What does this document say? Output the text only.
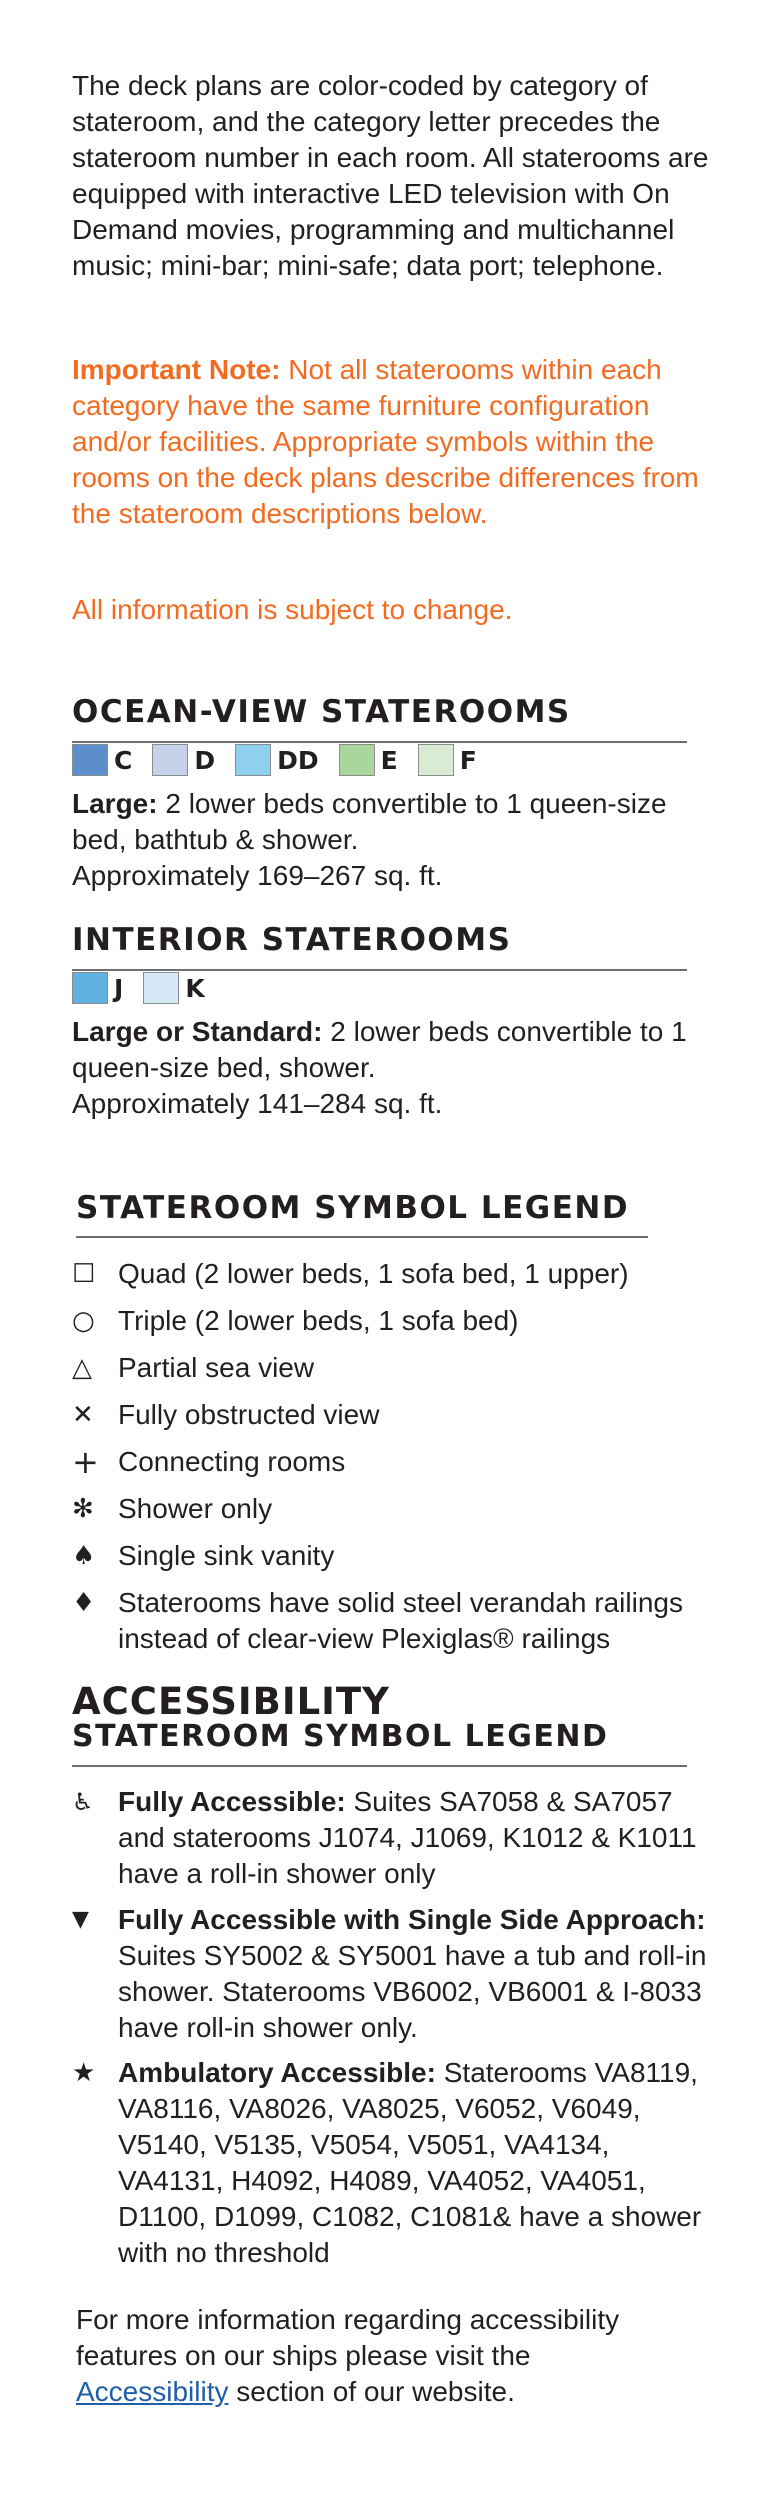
The deck plans are color-coded by category of stateroom, and the category letter precedes the stateroom number in each room. All staterooms are equipped with interactive LED television with On Demand movies, programming and multichannel music; mini-bar; mini-safe; data port; telephone.

Important Note: Not all staterooms within each category have the same furniture configuration and/or facilities. Appropriate symbols within the rooms on the deck plans describe differences from the stateroom descriptions below.

All information is subject to change.

OCEAN-VIEW STATEROOMS
C D DD E F

Large: 2 lower beds convertible to 1 queen-size bed, bathtub & shower.
Approximately 169–267 sq. ft.

INTERIOR STATEROOMS
J K

Large or Standard: 2 lower beds convertible to 1 queen-size bed, shower.
Approximately 141–284 sq. ft.

STATEROOM SYMBOL LEGEND
☐ Quad (2 lower beds, 1 sofa bed, 1 upper)
○ Triple (2 lower beds, 1 sofa bed)
△ Partial sea view
✕ Fully obstructed view
+ Connecting rooms
✻ Shower only
♠ Single sink vanity
♦ Staterooms have solid steel verandah railings instead of clear-view Plexiglas® railings
ACCESSIBILITY
STATEROOM SYMBOL LEGEND
♿ Fully Accessible: Suites SA7058 & SA7057 and staterooms J1074, J1069, K1012 & K1011 have a roll-in shower only
▼	Fully Accessible with Single Side Approach: Suites SY5002 & SY5001 have a tub and roll-in shower. Staterooms VB6002, VB6001 & I-8033 have roll-in shower only.
★ Ambulatory Accessible: Staterooms VA8119, VA8116, VA8026, VA8025, V6052, V6049, V5140, V5135, V5054, V5051, VA4134, VA4131, H4092, H4089, VA4052, VA4051, D1100, D1099, C1082, C1081& have a shower with no threshold

For more information regarding accessibility features on our ships please visit the Accessibility section of our website.
